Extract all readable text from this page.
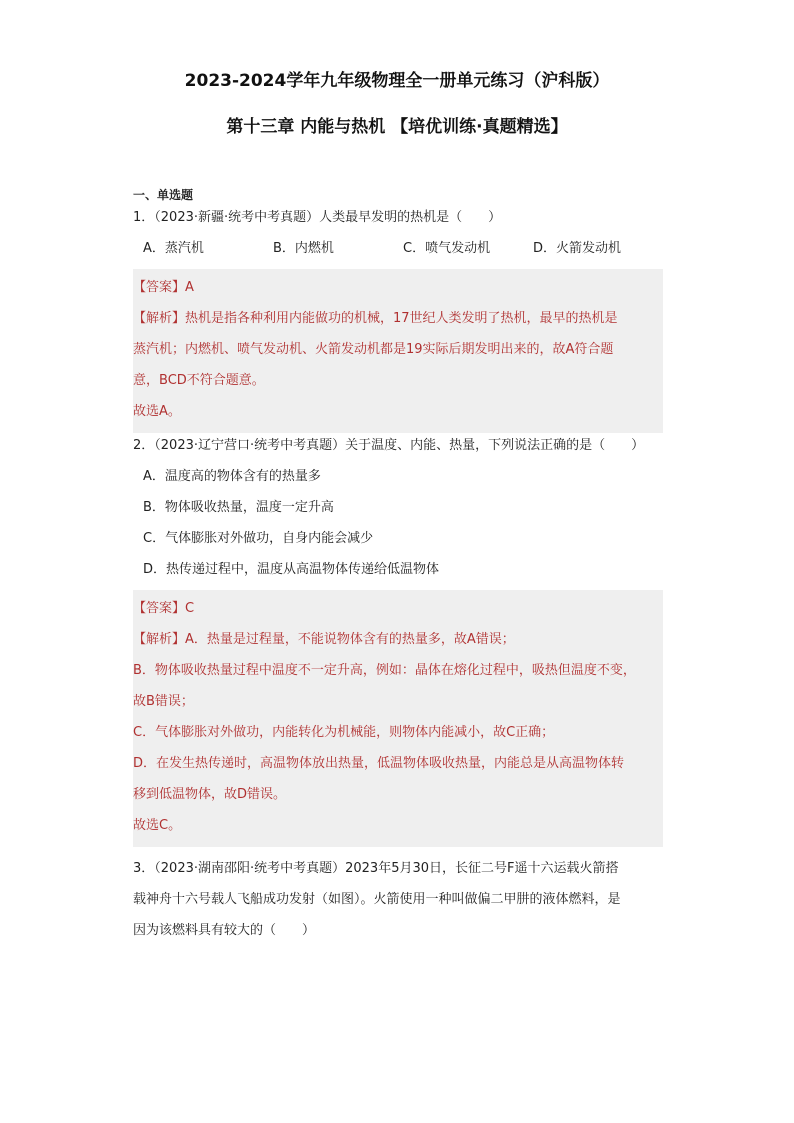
2023-2024学年九年级物理全一册单元练习（沪科版）
第十三章 内能与热机 【培优训练·真题精选】
一、单选题
1．（2023·新疆·统考中考真题）人类最早发明的热机是（　　）
A．蒸汽机	B．内燃机	C．喷气发动机	D．火箭发动机
【答案】A
【解析】热机是指各种利用内能做功的机械，17世纪人类发明了热机，最早的热机是
蒸汽机；内燃机、喷气发动机、火箭发动机都是19实际后期发明出来的，故A符合题
意，BCD不符合题意。
故选A。
2．（2023·辽宁营口·统考中考真题）关于温度、内能、热量，下列说法正确的是（　　）
A．温度高的物体含有的热量多
B．物体吸收热量，温度一定升高
C．气体膨胀对外做功，自身内能会减少
D．热传递过程中，温度从高温物体传递给低温物体
【答案】C
【解析】A．热量是过程量，不能说物体含有的热量多，故A错误；
B．物体吸收热量过程中温度不一定升高，例如：晶体在熔化过程中，吸热但温度不变，
故B错误；
C．气体膨胀对外做功，内能转化为机械能，则物体内能减小，故C正确；
D．在发生热传递时，高温物体放出热量，低温物体吸收热量，内能总是从高温物体转
移到低温物体，故D错误。
故选C。
3．（2023·湖南邵阳·统考中考真题）2023年5月30日，长征二号F遥十六运载火箭搭
载神舟十六号载人飞船成功发射（如图）。火箭使用一种叫做偏二甲肼的液体燃料，是
因为该燃料具有较大的（　　）
